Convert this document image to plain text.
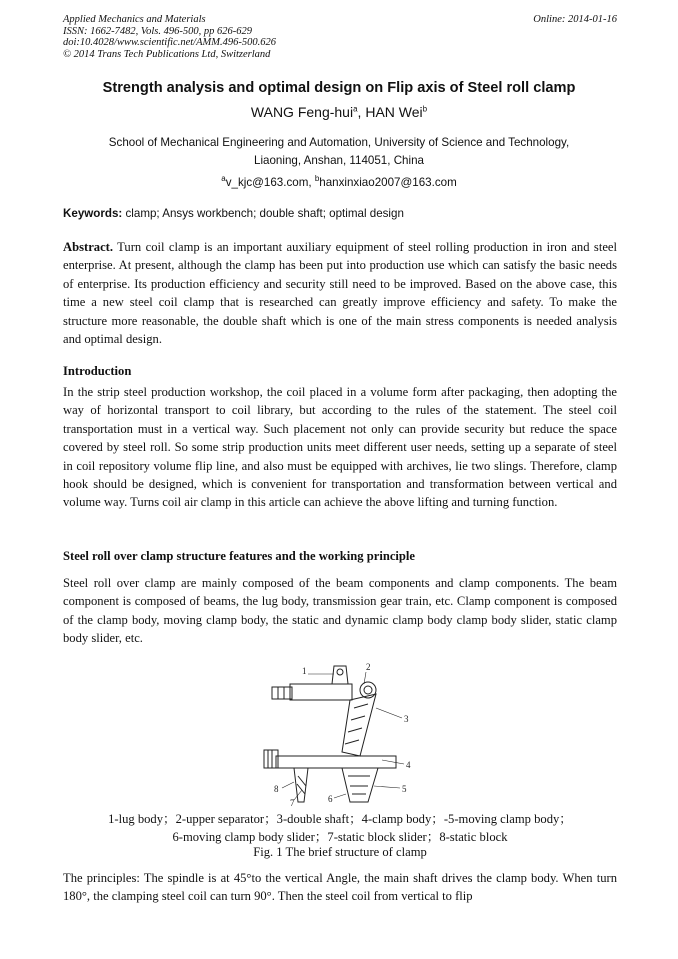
Applied Mechanics and Materials
ISSN: 1662-7482, Vols. 496-500, pp 626-629
doi:10.4028/www.scientific.net/AMM.496-500.626
© 2014 Trans Tech Publications Ltd, Switzerland
Online: 2014-01-16
Strength analysis and optimal design on Flip axis of Steel roll clamp
WANG Feng-hui$^a$, HAN Wei$^b$
School of Mechanical Engineering and Automation, University of Science and Technology,
Liaoning, Anshan, 114051, China
$^a$v_kjc@163.com, $^b$hanxinxiao2007@163.com
Keywords: clamp; Ansys workbench; double shaft; optimal design
Abstract. Turn coil clamp is an important auxiliary equipment of steel rolling production in iron and steel enterprise. At present, although the clamp has been put into production use which can satisfy the basic needs of enterprise. Its production efficiency and security still need to be improved. Based on the above case, this time a new steel coil clamp that is researched can greatly improve efficiency and safety. To make the structure more reasonable, the double shaft which is one of the main stress components is needed analysis and optimal design.
Introduction
In the strip steel production workshop, the coil placed in a volume form after packaging, then adopting the way of horizontal transport to coil library, but according to the rules of the statement. The steel coil transportation must in a vertical way. Such placement not only can provide security but reduce the space covered by steel roll. So some strip production units meet different user needs, setting up a separate of steel in coil repository volume flip line, and also must be equipped with archives, lie two slings. Therefore, clamp hook should be designed, which is convenient for transportation and transformation between vertical and volume way. Turns coil air clamp in this article can achieve the above lifting and turning function.
Steel roll over clamp structure features and the working principle
Steel roll over clamp are mainly composed of the beam components and clamp components. The beam component is composed of beams, the lug body, transmission gear train, etc. Clamp component is composed of the clamp body, moving clamp body, the static and dynamic clamp body clamp body slider, static clamp body slider, etc.
1	2
3
4
5
6
7
8
1-lug body；2-upper separator；3-double shaft；4-clamp body；-5-moving clamp body；
6-moving clamp body slider；7-static block slider；8-static block
Fig. 1 The brief structure of clamp
The principles: The spindle is at 45°to the vertical Angle, the main shaft drives the clamp body. When turn 180°, the clamping steel coil can turn 90°. Then the steel coil from vertical to flip
